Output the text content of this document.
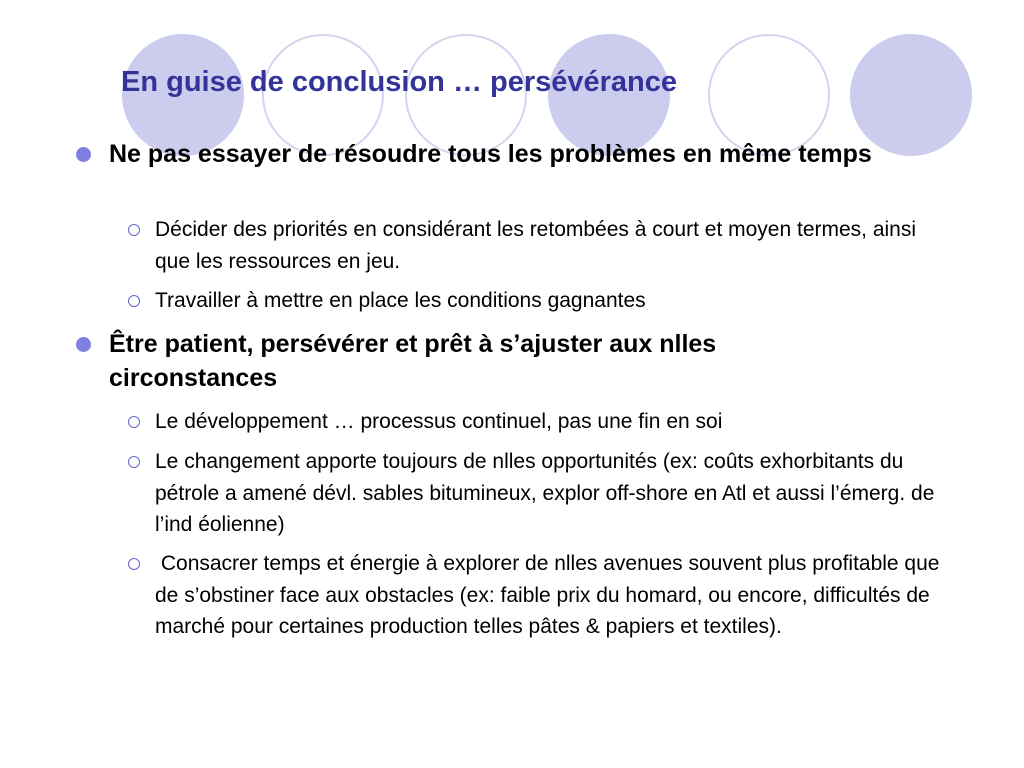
En guise de conclusion … persévérance
Ne pas essayer de résoudre tous les problèmes en même temps
Décider des priorités en considérant les retombées à court et moyen termes, ainsi que les ressources en jeu.
Travailler à mettre en place les conditions gagnantes
Être patient, persévérer et prêt à s’ajuster aux nlles circonstances
Le développement … processus continuel, pas une fin en soi
Le changement apporte toujours de nlles opportunités (ex: coûts exhorbitants du pétrole a amené dévl. sables bitumineux, explor off-shore en Atl et aussi l’émerg. de l’ind éolienne)
Consacrer temps et énergie à explorer de nlles avenues souvent plus profitable que de s’obstiner face aux obstacles (ex: faible prix du homard, ou encore, difficultés de marché pour certaines production telles pâtes & papiers et textiles).
